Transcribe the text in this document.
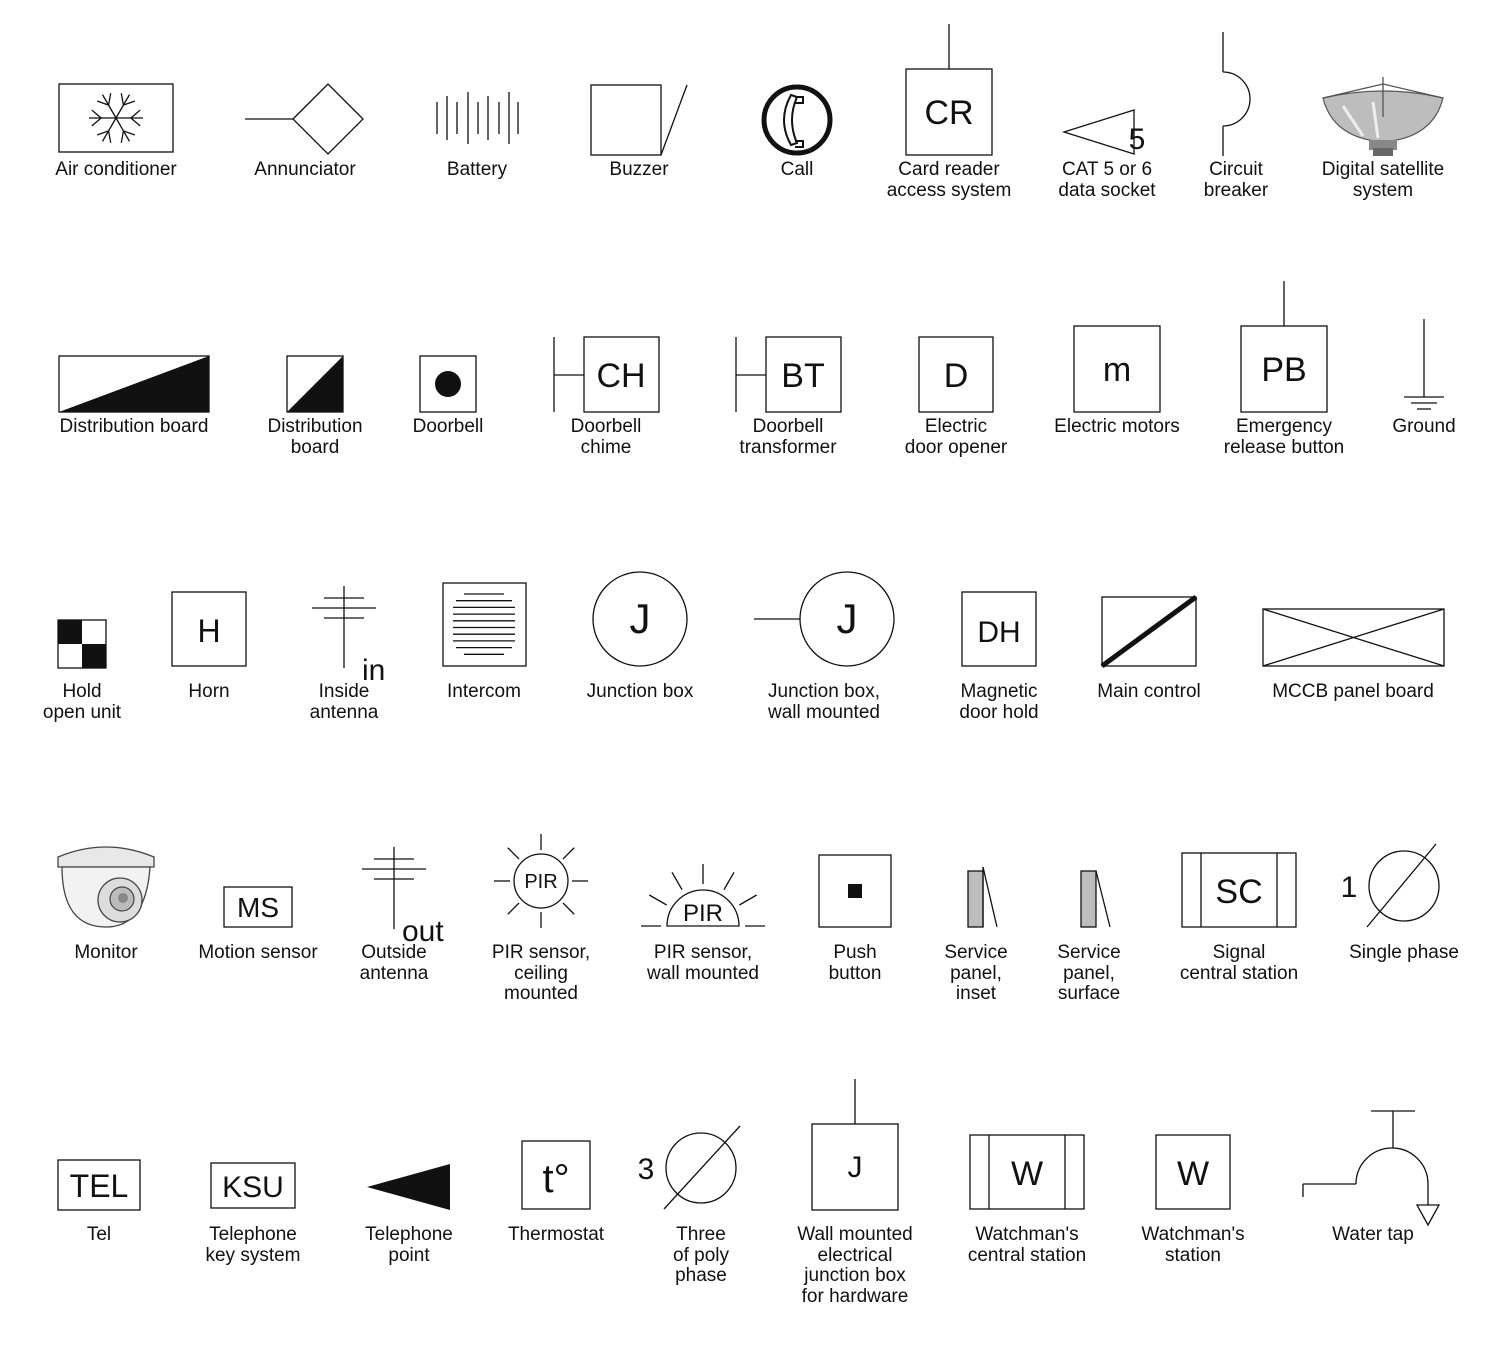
Air conditioner	Annunciator	Battery	Buzzer	Call
CR
Card reader
access system
5
CAT 5 or 6
data socket
Circuit
breaker
Digital satellite
system
Distribution board	Distribution
board
Doorbell
CH
Doorbell
chime
BT
Doorbell
transformer
D
Electric
door opener
m
Electric motors
PB
Emergency
release button
Ground
Hold
open unit
H
Horn
in
Inside
antenna
Intercom
J
Junction box
J
Junction box,
wall mounted
DH
Magnetic
door hold
Main control	MCCB panel board
Monitor
MS
Motion sensor
out
Outside
antenna
PIR
PIR sensor,
ceiling
mounted
PIR
PIR sensor,
wall mounted
Push
button
Service
panel,
inset
Service
panel,
surface
SC
Signal
central station
1
Single phase
TEL
Tel
KSU
Telephone
key system
Telephone
point
t°
Thermostat
3
Three
of poly
phase
J
Wall mounted
electrical
junction box
for hardware
W
Watchman's
central station
W
Watchman's
station
Water tap
